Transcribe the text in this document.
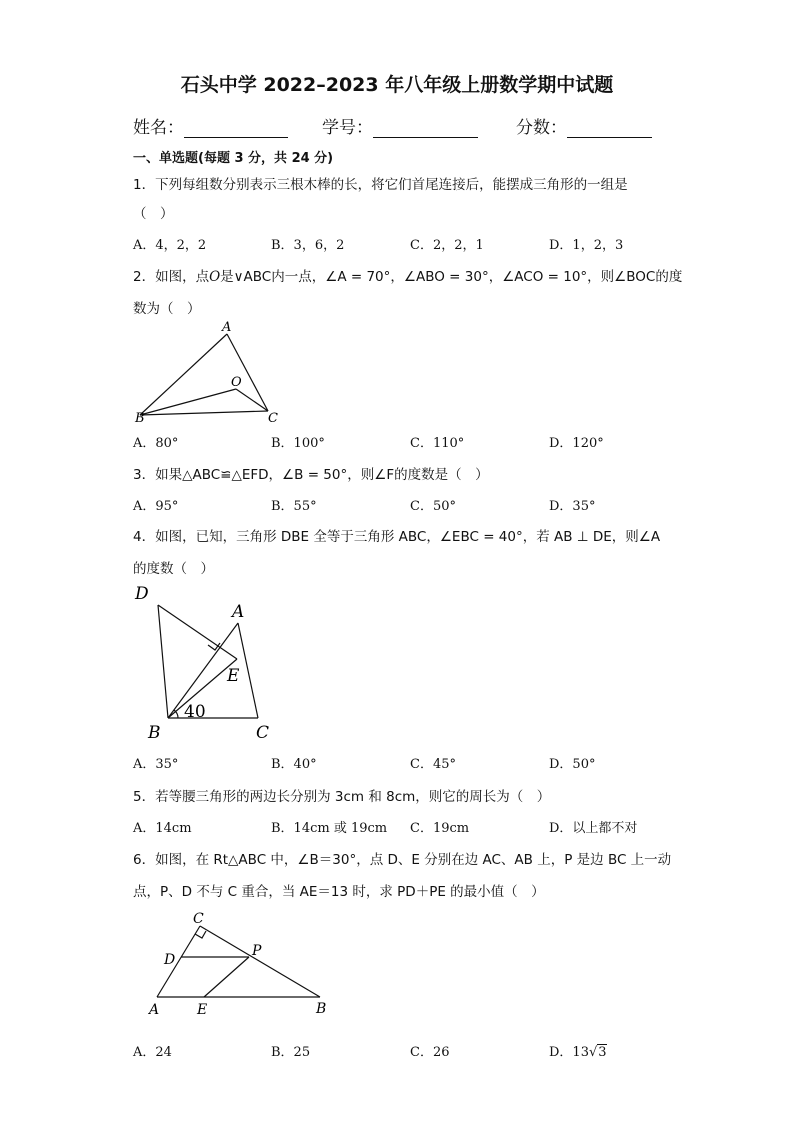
石头中学 2022–2023 年八年级上册数学期中试题
姓名：	学号：	分数：
一、单选题(每题 3 分，共 24 分)
1．下列每组数分别表示三根木棒的长，将它们首尾连接后，能摆成三角形的一组是
（　）
A．4，2，2	B．3，6，2	C．2，2，1	D．1，2，3
2．如图，点O是∨ABC内一点，∠A = 70°，∠ABO = 30°，∠ACO = 10°，则∠BOC的度
数为（　）
A
O
B	C
A．80°	B．100°	C．110°	D．120°
3．如果△ABC≌△EFD，∠B = 50°，则∠F的度数是（　）
A．95°	B．55°	C．50°	D．35°
4．如图，已知，三角形 DBE 全等于三角形 ABC，∠EBC = 40°，若 AB ⊥ DE，则∠A
的度数（　）
D
A
E
40
B	C
A．35°	B．40°	C．45°	D．50°
5．若等腰三角形的两边长分别为 3cm 和 8cm，则它的周长为（　）
A．14cm	B．14cm 或 19cm C．19cm	D．以上都不对
6．如图，在 Rt△ABC 中，∠B＝30°，点 D、E 分别在边 AC、AB 上，P 是边 BC 上一动
点，P、D 不与 C 重合，当 AE＝13 时，求 PD＋PE 的最小值（　）
C
D
P
A	E	B
A．24	B．25	C．26	D．13√3
